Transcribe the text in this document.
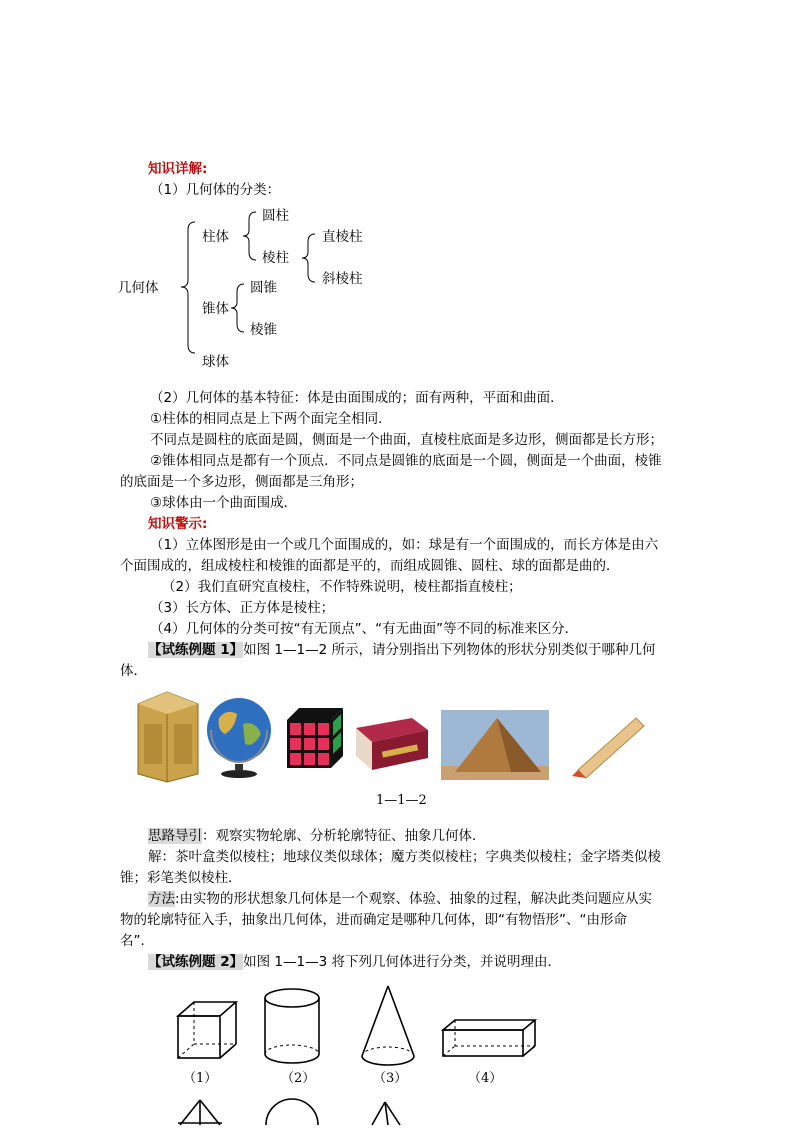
知识详解:
（1）几何体的分类：
几何体
柱体
圆柱
棱柱
直棱柱
斜棱柱
锥体
圆锥
棱锥
球体
（2）几何体的基本特征：体是由面围成的；面有两种，平面和曲面．
①柱体的相同点是上下两个面完全相同．
不同点是圆柱的底面是圆，侧面是一个曲面，直棱柱底面是多边形，侧面都是长方形；
②锥体相同点是都有一个顶点．不同点是圆锥的底面是一个圆，侧面是一个曲面，棱锥
的底面是一个多边形，侧面都是三角形；
③球体由一个曲面围成．
知识警示:
（1）立体图形是由一个或几个面围成的，如：球是有一个面围成的，而长方体是由六
个面围成的，组成棱柱和棱锥的面都是平的，而组成圆锥、圆柱、球的面都是曲的．
（2）我们直研究直棱柱，不作特殊说明，棱柱都指直棱柱；
（3）长方体、正方体是棱柱；
（4）几何体的分类可按“有无顶点”、“有无曲面”等不同的标准来区分．
【试练例题 1】如图 1—1—2 所示，请分别指出下列物体的形状分别类似于哪种几何
体．
1—1—2
思路导引：观察实物轮廓、分析轮廓特征、抽象几何体．
解：茶叶盒类似棱柱；地球仪类似球体；魔方类似棱柱；字典类似棱柱；金字塔类似棱
锥；彩笔类似棱柱．
方法:由实物的形状想象几何体是一个观察、体验、抽象的过程，解决此类问题应从实
物的轮廓特征入手，抽象出几何体，进而确定是哪种几何体，即“有物悟形”、“由形命
名”．
【试练例题 2】如图 1—1—3 将下列几何体进行分类，并说明理由．
（1）	（2）	（3）	（4）
